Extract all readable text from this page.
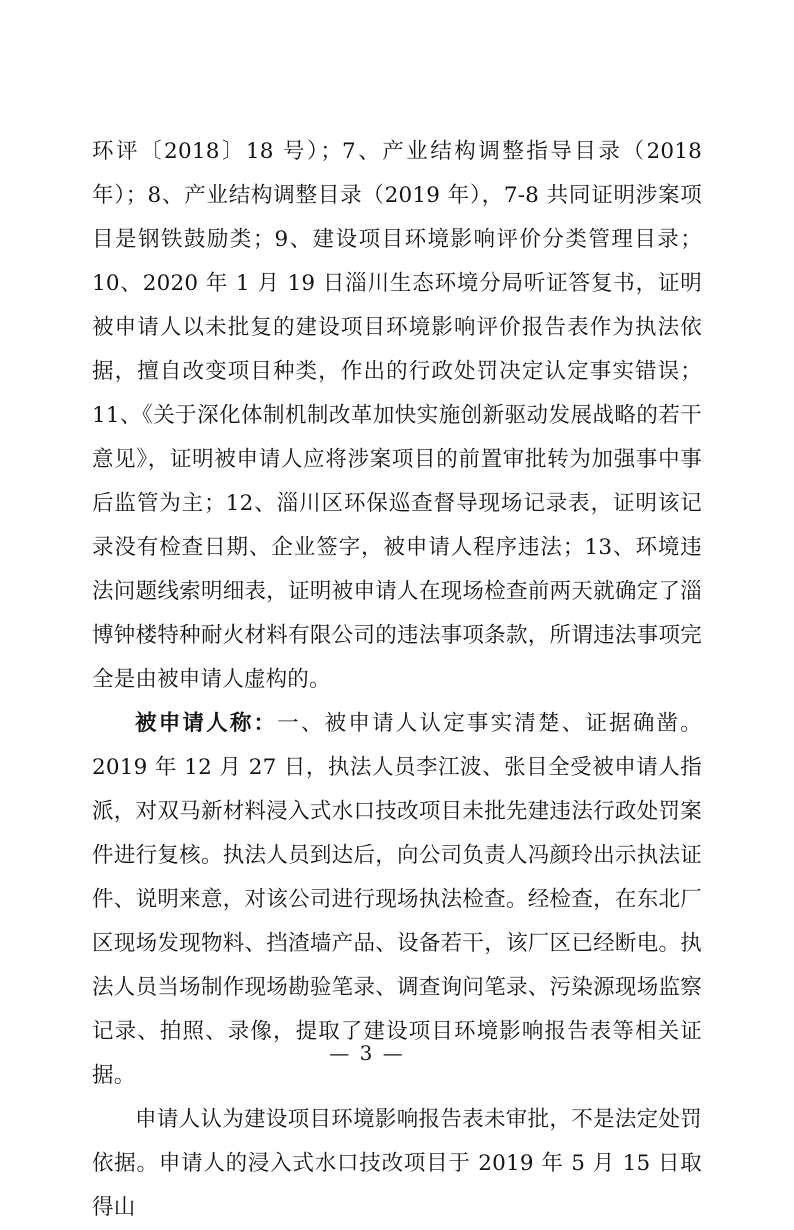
环评〔2018〕18 号）；7、产业结构调整指导目录（2018 年）；8、产业结构调整目录（2019 年），7-8 共同证明涉案项目是钢铁鼓励类；9、建设项目环境影响评价分类管理目录；10、2020 年 1 月 19 日淄川生态环境分局听证答复书，证明被申请人以未批复的建设项目环境影响评价报告表作为执法依据，擅自改变项目种类，作出的行政处罚决定认定事实错误；11、《关于深化体制机制改革加快实施创新驱动发展战略的若干意见》，证明被申请人应将涉案项目的前置审批转为加强事中事后监管为主；12、淄川区环保巡查督导现场记录表，证明该记录没有检查日期、企业签字，被申请人程序违法；13、环境违法问题线索明细表，证明被申请人在现场检查前两天就确定了淄博钟楼特种耐火材料有限公司的违法事项条款，所谓违法事项完全是由被申请人虚构的。

被申请人称：一、被申请人认定事实清楚、证据确凿。2019 年 12 月 27 日，执法人员李江波、张目全受被申请人指派，对双马新材料浸入式水口技改项目未批先建违法行政处罚案件进行复核。执法人员到达后，向公司负责人冯颜玲出示执法证件、说明来意，对该公司进行现场执法检查。经检查，在东北厂区现场发现物料、挡渣墙产品、设备若干，该厂区已经断电。执法人员当场制作现场勘验笔录、调查询问笔录、污染源现场监察记录、拍照、录像，提取了建设项目环境影响报告表等相关证据。

申请人认为建设项目环境影响报告表未审批，不是法定处罚依据。申请人的浸入式水口技改项目于 2019 年 5 月 15 日取得山

— 3 —
